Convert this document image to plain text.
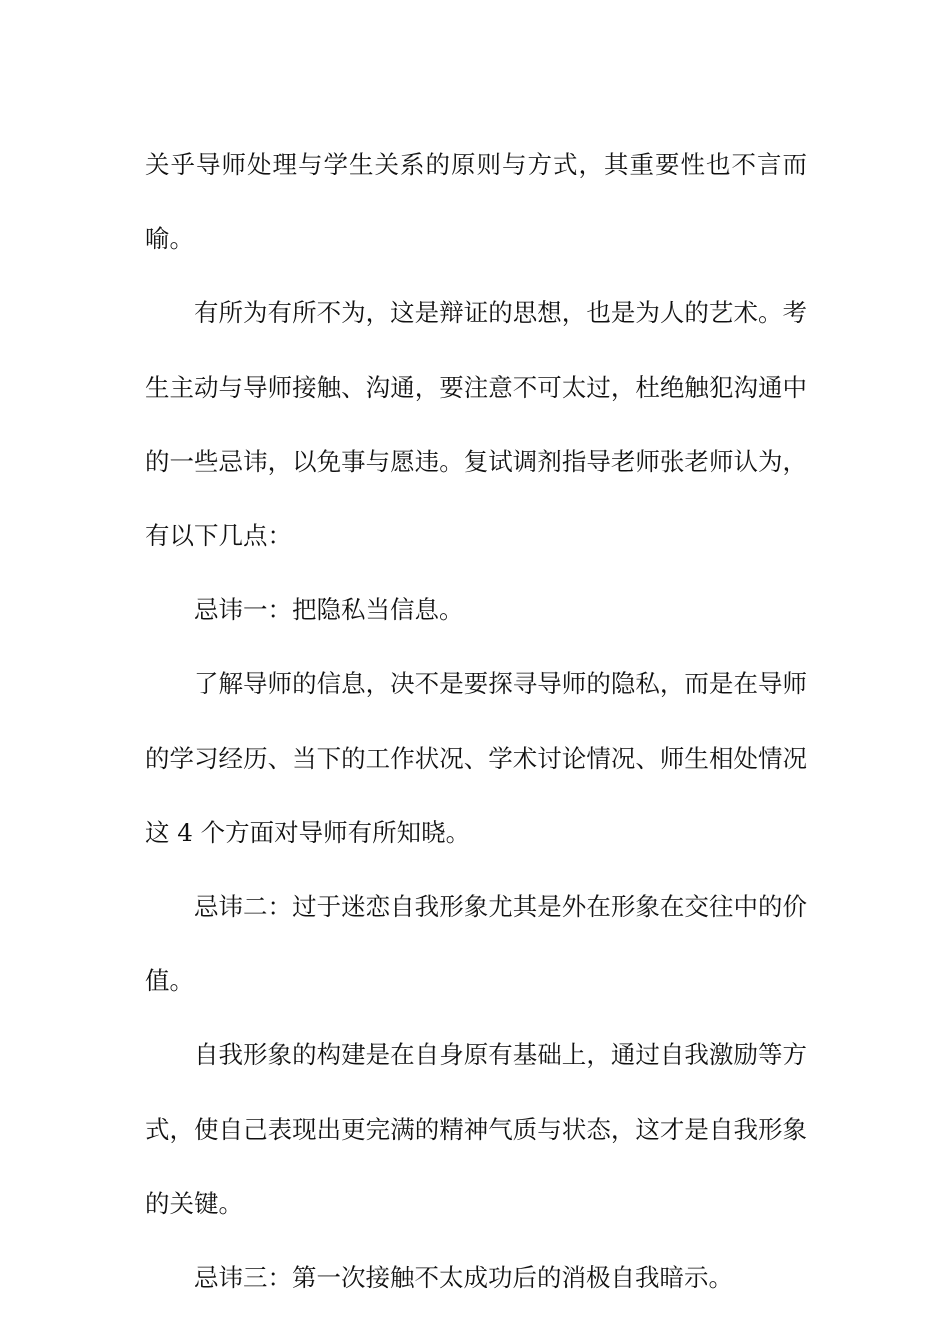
关乎导师处理与学生关系的原则与方式，其重要性也不言而喻。

有所为有所不为，这是辩证的思想，也是为人的艺术。考生主动与导师接触、沟通，要注意不可太过，杜绝触犯沟通中的一些忌讳，以免事与愿违。复试调剂指导老师张老师认为，有以下几点：

忌讳一：把隐私当信息。

了解导师的信息，决不是要探寻导师的隐私，而是在导师的学习经历、当下的工作状况、学术讨论情况、师生相处情况这 4 个方面对导师有所知晓。

忌讳二：过于迷恋自我形象尤其是外在形象在交往中的价值。

自我形象的构建是在自身原有基础上，通过自我激励等方式，使自己表现出更完满的精神气质与状态，这才是自我形象的关键。

忌讳三：第一次接触不太成功后的消极自我暗示。
